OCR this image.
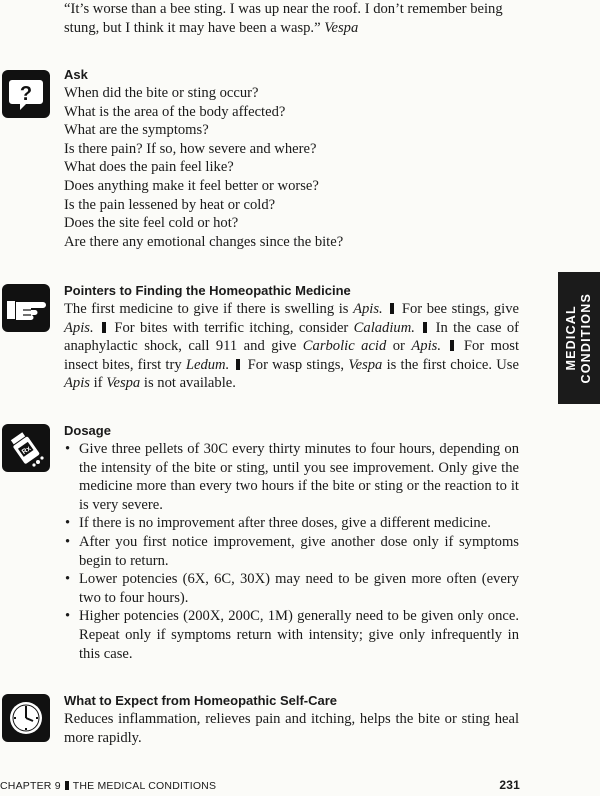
“It’s worse than a bee sting. I was up near the roof. I don’t remember being
stung, but I think it may have been a wasp.” Vespa
?
Ask
When did the bite or sting occur?
What is the area of the body affected?
What are the symptoms?
Is there pain? If so, how severe and where?
What does the pain feel like?
Does anything make it feel better or worse?
Is the pain lessened by heat or cold?
Does the site feel cold or hot?
Are there any emotional changes since the bite?
Pointers to Finding the Homeopathic Medicine
The first medicine to give if there is swelling is Apis. For bee stings, give Apis. For bites with terrific itching, consider Caladium. In the case of anaphylactic shock, call 911 and give Carbolic acid or Apis. For most insect bites, first try Ledum. For wasp stings, Vespa is the first choice. Use Apis if Vespa is not available.
MEDICAL CONDITIONS
Rx
Dosage
• Give three pellets of 30C every thirty minutes to four hours, depending on the intensity of the bite or sting, until you see improvement. Only give the medicine more than every two hours if the bite or sting or the reaction to it is very severe.
• If there is no improvement after three doses, give a different medicine.
• After you first notice improvement, give another dose only if symptoms begin to return.
• Lower potencies (6X, 6C, 30X) may need to be given more often (every two to four hours).
• Higher potencies (200X, 200C, 1M) generally need to be given only once. Repeat only if symptoms return with intensity; give only infrequently in this case.
What to Expect from Homeopathic Self-Care
Reduces inflammation, relieves pain and itching, helps the bite or sting heal more rapidly.
CHAPTER 9 THE MEDICAL CONDITIONS	231
